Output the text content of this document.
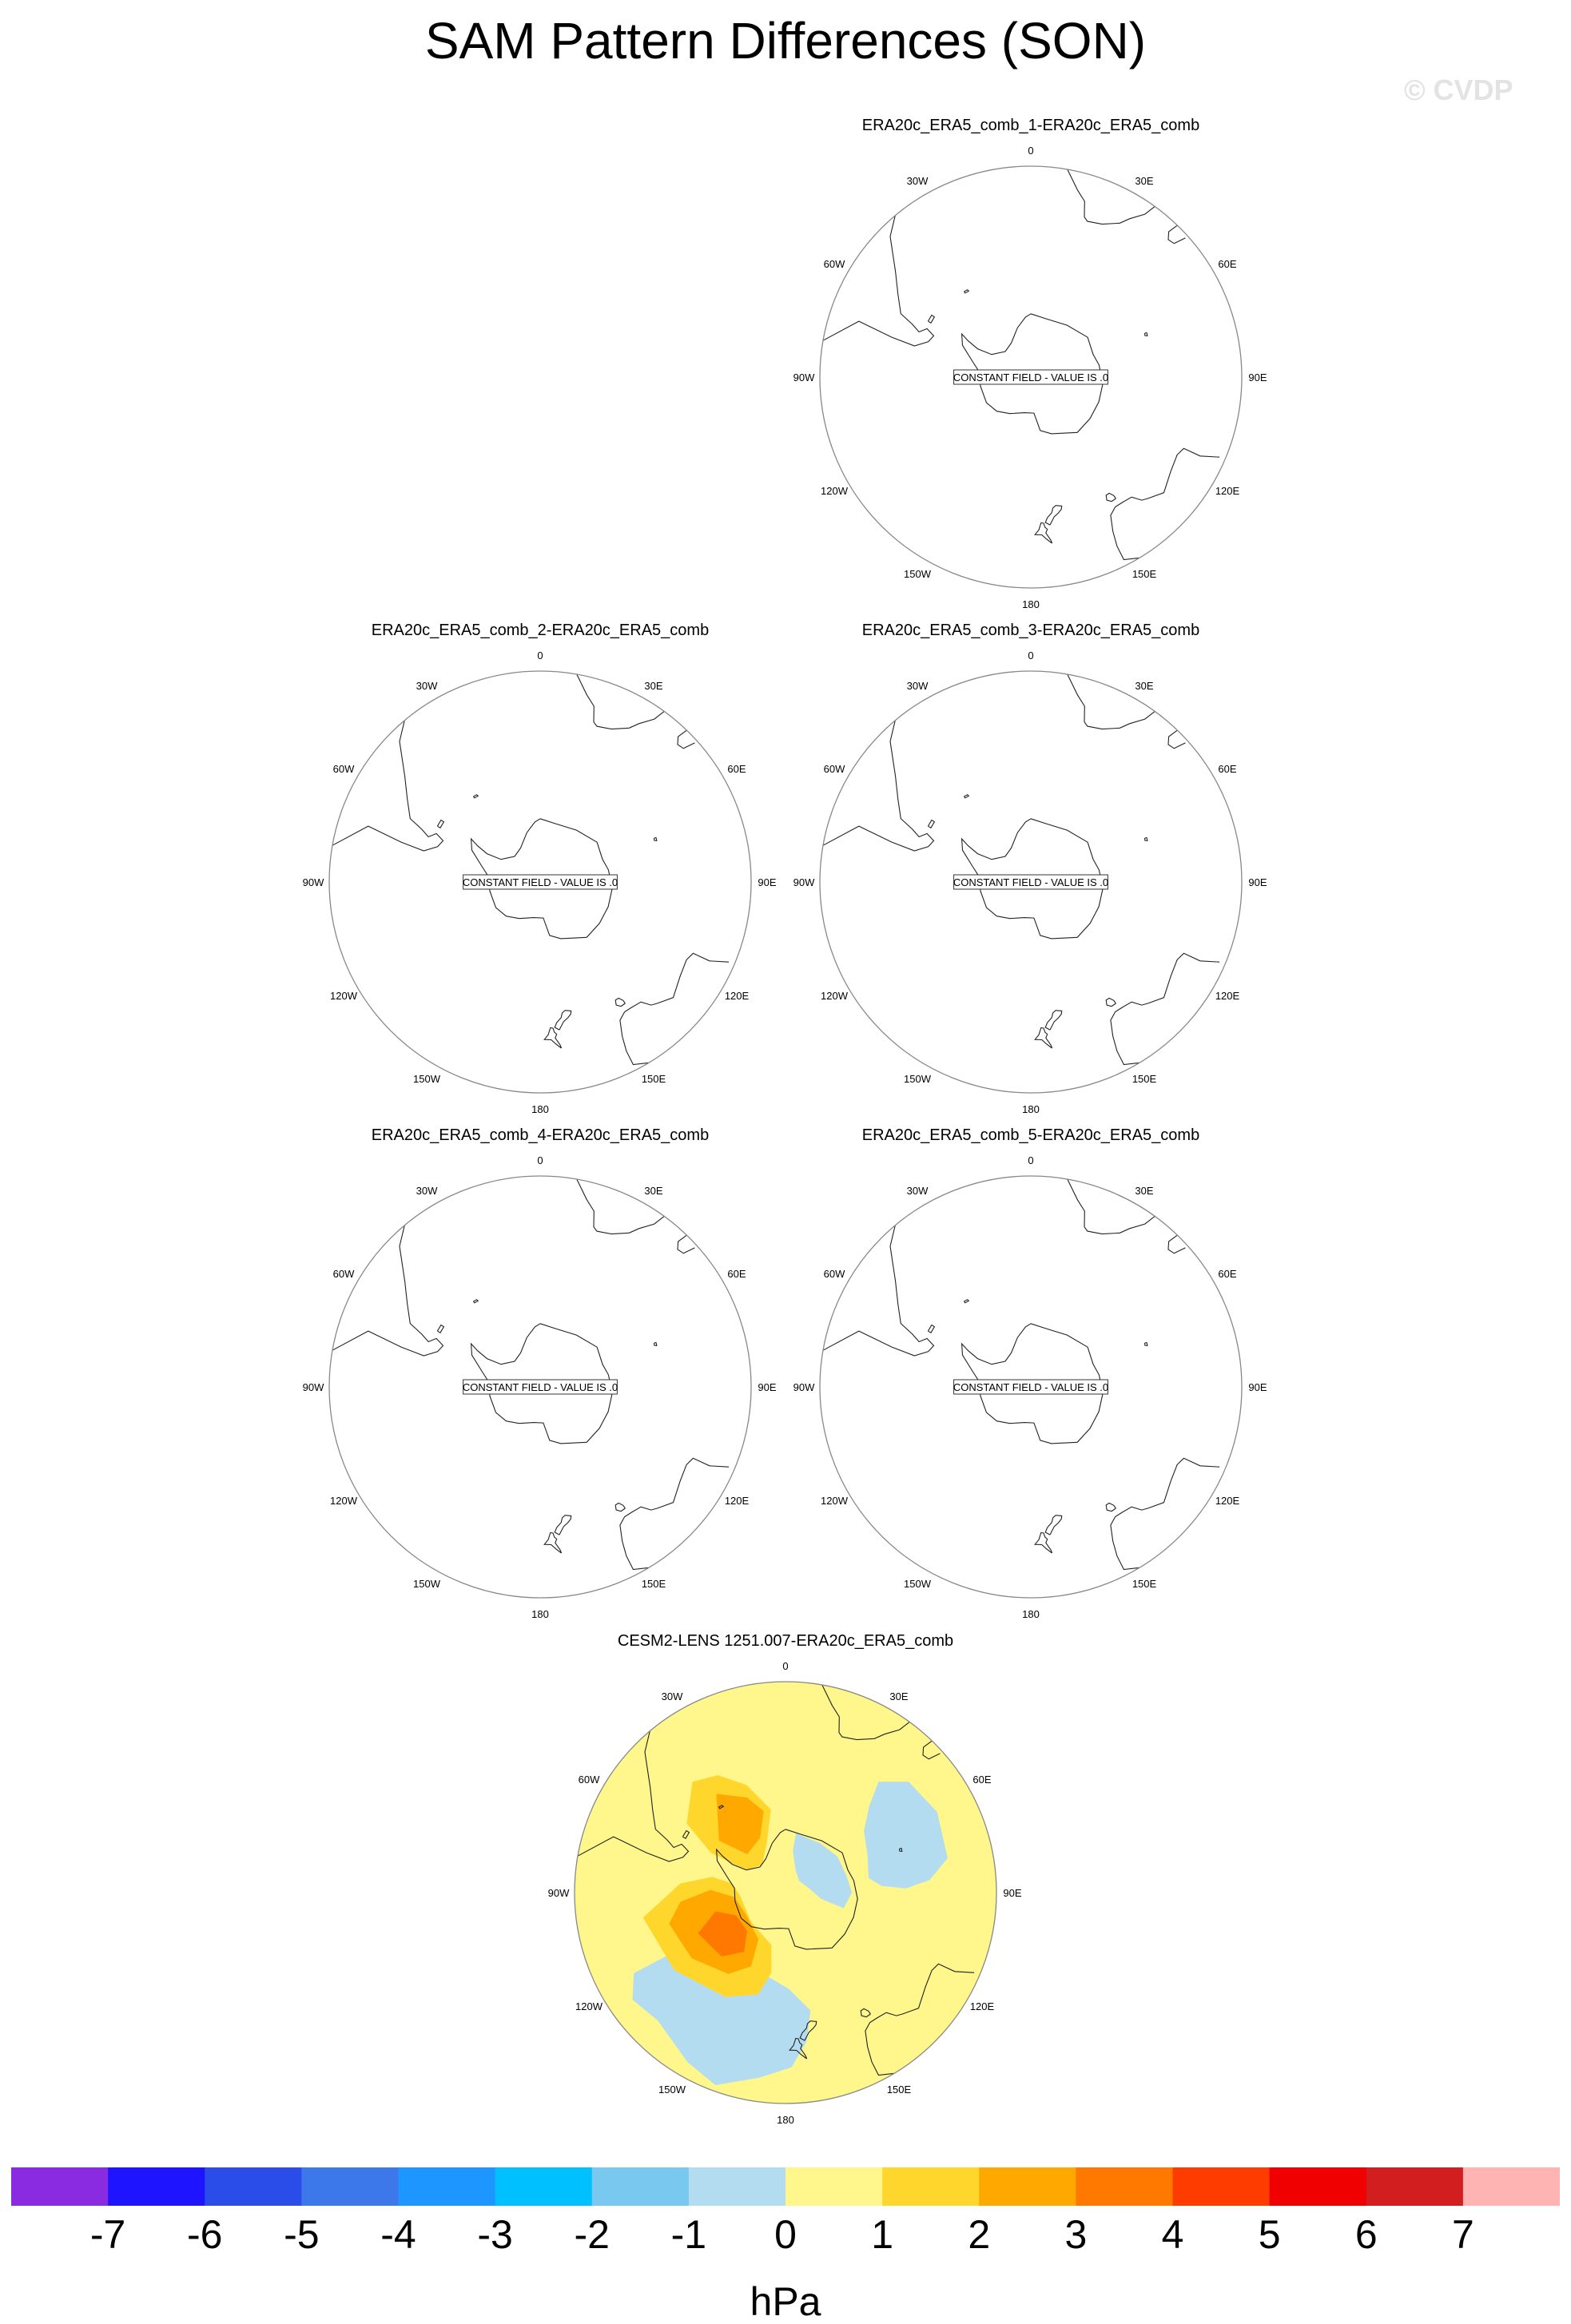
SAM Pattern Differences (SON)
© CVDP
ERA20c_ERA5_comb_1-ERA20c_ERA5_comb
ERA20c_ERA5_comb_2-ERA20c_ERA5_comb	ERA20c_ERA5_comb_3-ERA20c_ERA5_comb
ERA20c_ERA5_comb_4-ERA20c_ERA5_comb	ERA20c_ERA5_comb_5-ERA20c_ERA5_comb
CESM2-LENS 1251.007-ERA20c_ERA5_comb
0
30E
60E
90E
120E
150E
180
150W
120W
90W
60W
30W
CONSTANT FIELD - VALUE IS .0
0
30E
60E
90E
120E
150E
180
150W
120W
90W
60W
30W
CONSTANT FIELD - VALUE IS .0
0
30E
60E
90E
120E
150E
180
150W
120W
90W
60W
30W
CONSTANT FIELD - VALUE IS .0
0
30E
60E
90E
120E
150E
180
150W
120W
90W
60W
30W
CONSTANT FIELD - VALUE IS .0
0
30E
60E
90E
120E
150E
180
150W
120W
90W
60W
30W
CONSTANT FIELD - VALUE IS .0
0
30E
60E
90E
120E
150E
180
150W
120W
90W
60W
30W
-7	-6	-5	-4	-3	-2	-1	0	1	2	3	4	5	6	7
hPa
